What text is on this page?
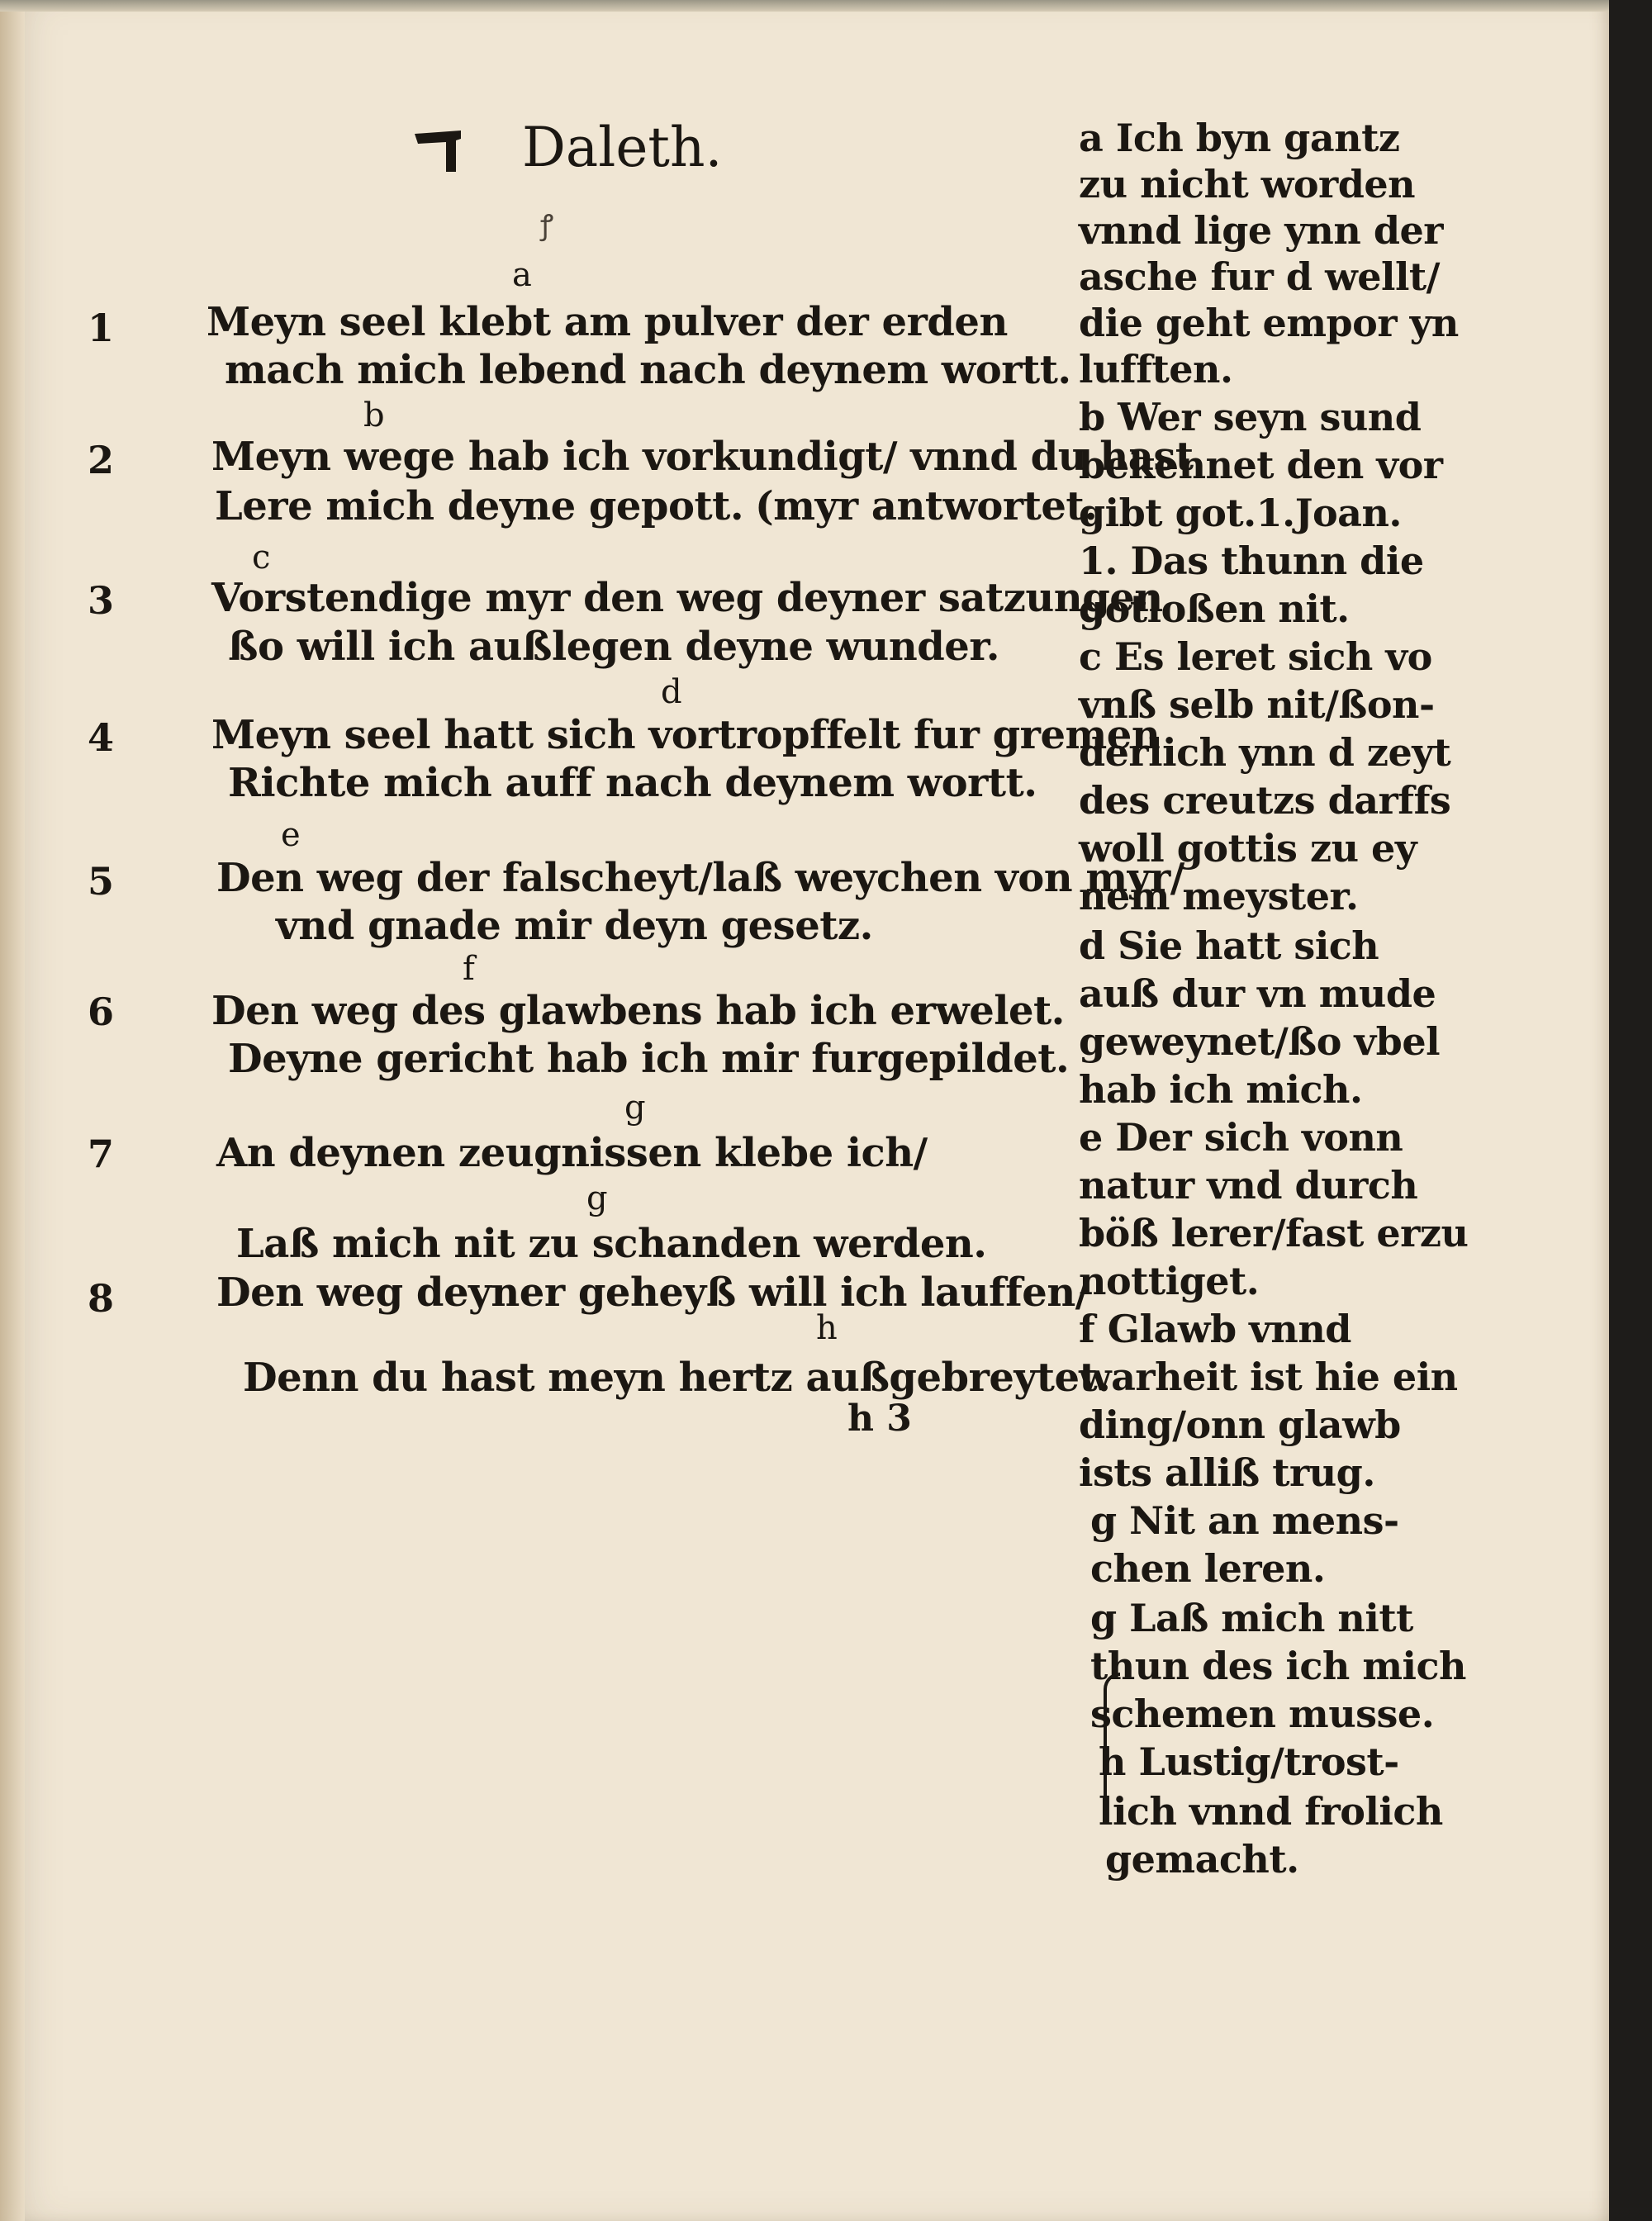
Daleth.
ꝭ
1
2
3
4
5
6
7
8
a
b
c
d
e
f
g
g
h
Meyn seel klebt am pulver der erden
mach mich lebend nach deynem wortt.
Meyn wege hab ich vorkundigt/ vnnd du hast
Lere mich deyne gepott. (myr antwortet.
Vorstendige myr den weg deyner satzungen
ßo will ich außlegen deyne wunder.
Meyn seel hatt sich vortropffelt fur gremen
Richte mich auff nach deynem wortt.
Den weg der falscheyt/laß weychen von myr/
vnd gnade mir deyn gesetz.
Den weg des glawbens hab ich erwelet.
Deyne gericht hab ich mir furgepildet.
An deynen zeugnissen klebe ich/
Laß mich nit zu schanden werden.
Den weg deyner geheyß will ich lauffen/
Denn du hast meyn hertz außgebreytet.
h 3
a Ich byn gantz
zu nicht worden
vnnd lige ynn der
asche fur d wellt/
die geht empor yn
lufften.
b Wer seyn sund
bekennet den vor
gibt got.1.Joan.
1. Das thunn die
gotloßen nit.
c Es leret sich vo
vnß selb nit/ßon-
derlich ynn d zeyt
des creutzs darffs
woll gottis zu ey
nem meyster.
d Sie hatt sich
auß dur vn mude
geweynet/ßo vbel
hab ich mich.
e Der sich vonn
natur vnd durch
böß lerer/fast erzu
nottiget.
f Glawb vnnd
warheit ist hie ein
ding/onn glawb
ists alliß trug.
g Nit an mens-
chen leren.
g Laß mich nitt
thun des ich mich
schemen musse.
h Lustig/trost-
lich vnnd frolich
gemacht.
